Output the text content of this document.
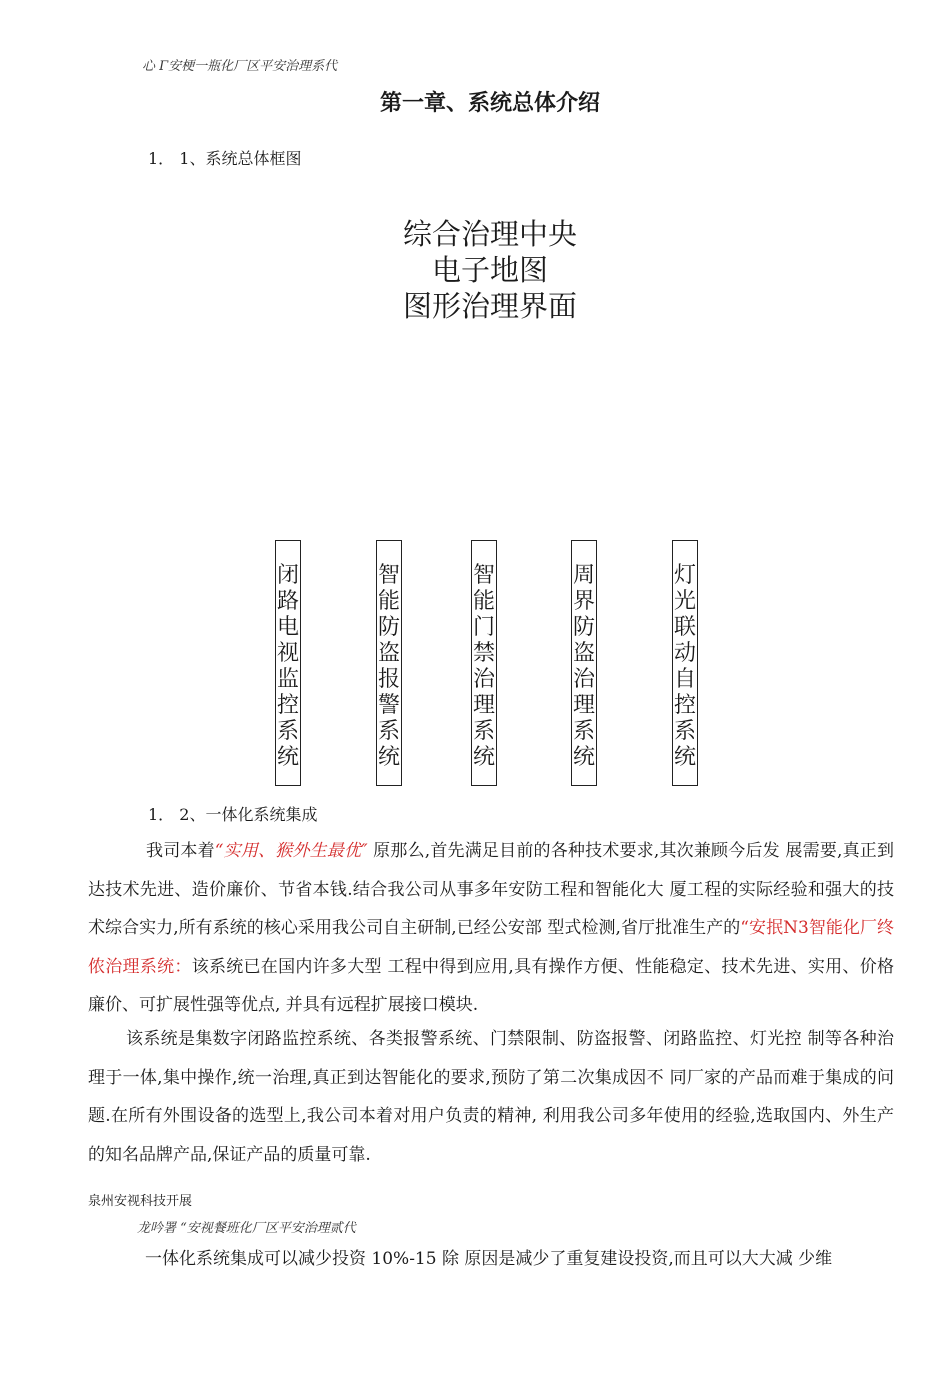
心 Γ安梗一瓶化厂区平安治理系代
第一章、系统总体介绍
1． 1、系统总体框图
综合治理中央
电子地图
图形治理界面
闭路电视监控系统
智能防盗报警系统
智能门禁治理系统
周界防盗治理系统
灯光联动自控系统
1． 2、一体化系统集成
我司本着“实用、猴外生最优″ 原那么,首先满足目前的各种技术要求,其次兼顾今后发 展需要,真正到达技术先进、造价廉价、节省本钱.结合我公司从事多年安防工程和智能化大 厦工程的实际经验和强大的技术综合实力,所有系统的核心采用我公司自主研制,已经公安部 型式检测,省厅批准生产的“安抿N3智能化厂终侬治理系统：该系统已在国内许多大型 工程中得到应用,具有操作方便、性能稳定、技术先进、实用、价格廉价、可扩展性强等优点, 并具有远程扩展接口模块.
该系统是集数字闭路监控系统、各类报警系统、门禁限制、防盗报警、闭路监控、灯光控 制等各种治理于一体,集中操作,统一治理,真正到达智能化的要求,预防了第二次集成因不 同厂家的产品而难于集成的问题.在所有外围设备的选型上,我公司本着对用户负责的精神, 利用我公司多年使用的经验,选取国内、外生产的知名品牌产品,保证产品的质量可靠.
泉州安视科技开展
龙吟署 “安视餐班化厂区平安治理贰代
一体化系统集成可以减少投资 10%-15 除 原因是减少了重复建设投资,而且可以大大减 少维
